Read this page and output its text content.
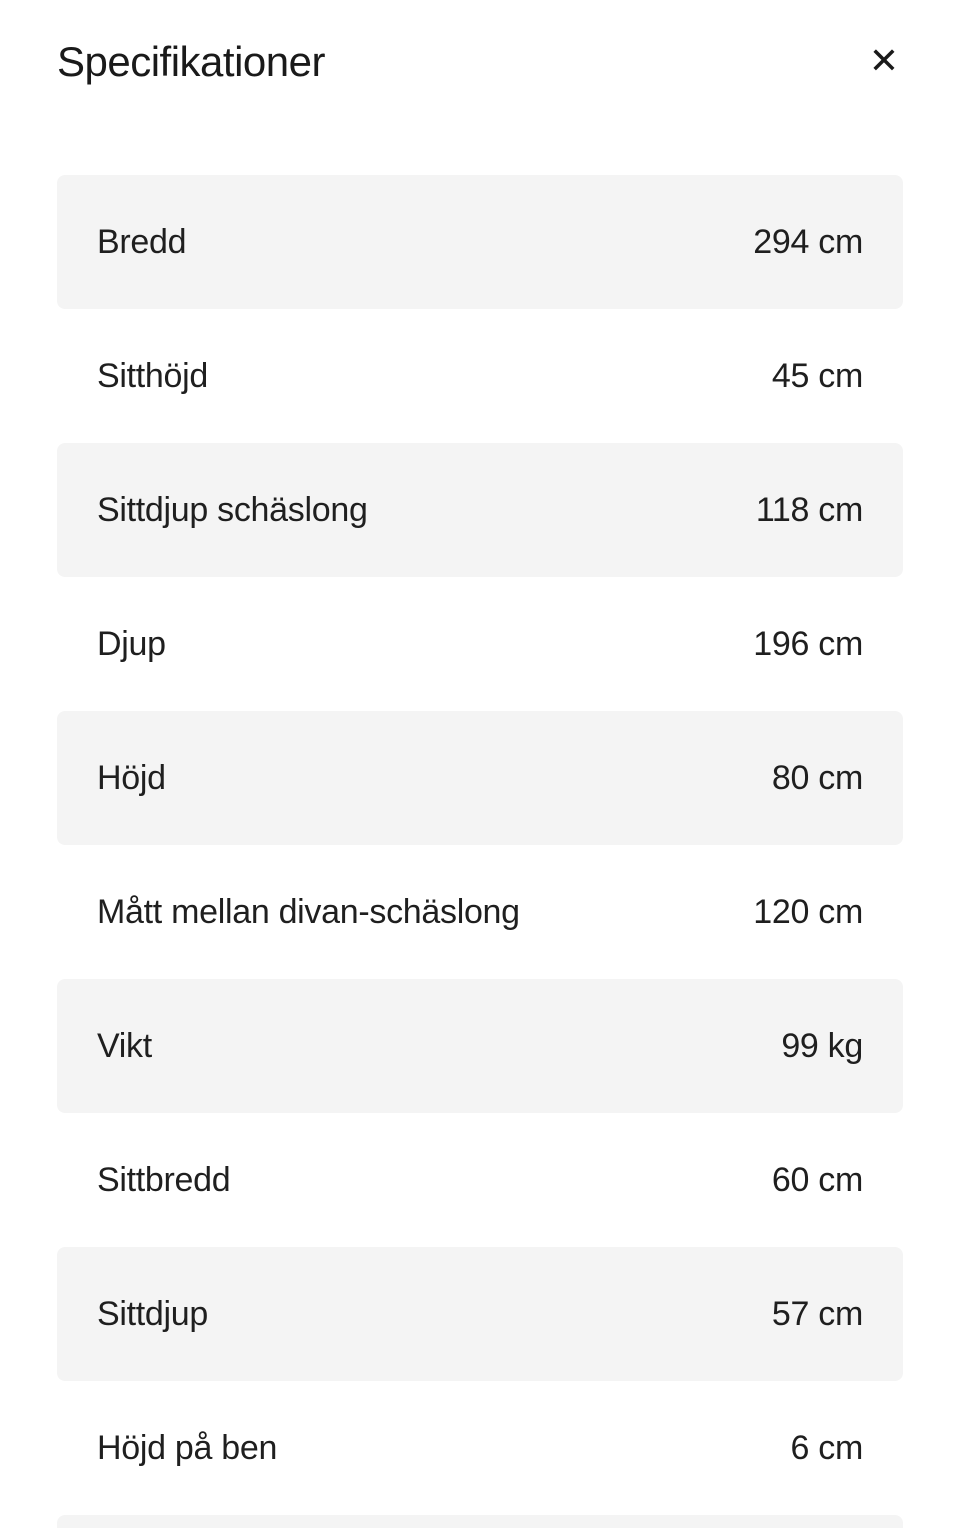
Specifikationer	✕
Bredd	294 cm
Sitthöjd	45 cm
Sittdjup schäslong	118 cm
Djup	196 cm
Höjd	80 cm
Mått mellan divan-schäslong	120 cm
Vikt	99 kg
Sittbredd	60 cm
Sittdjup	57 cm
Höjd på ben	6 cm
